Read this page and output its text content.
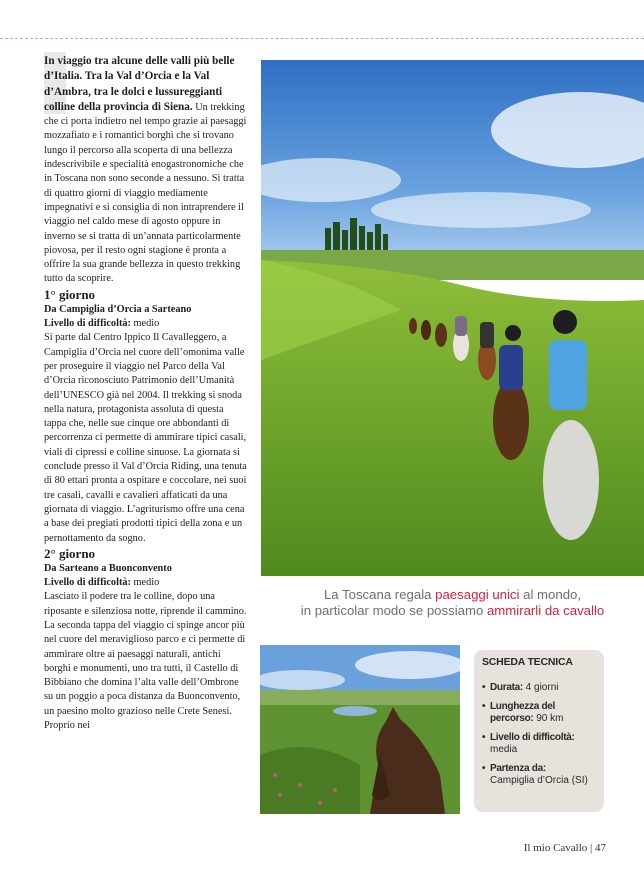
In viaggio tra alcune delle valli più belle d’Italia. Tra la Val d’Orcia e la Val d’Ambra, tra le dolci e lussureggianti colline della provincia di Siena. Un trekking che ci porta indietro nel tempo grazie ai paesaggi mozzafiato e i romantici borghi che si trovano lungo il percorso alla scoperta di una bellezza indescrivibile e specialità enogastronomiche che in Toscana non sono seconde a nessuno. Si tratta di quattro giorni di viaggio mediamente impegnativi e si consiglia di non intraprendere il viaggio nel caldo mese di agosto oppure in inverno se si tratta di un’annata particolarmente piovosa, per il resto ogni stagione è pronta a offrire la sua grande bellezza in questo trekking tutto da scoprire.

1° giorno

Da Campiglia d’Orcia a Sarteano

Livello di difficoltà: medio

Si parte dal Centro Ippico Il Cavalleggero, a Campiglia d’Orcia nel cuore dell’omonima valle per proseguire il viaggio nel Parco della Val d’Orcia riconosciuto Patrimonio dell’Umanità dell’UNESCO già nel 2004. Il trekking si snoda nella natura, protagonista assoluta di questa tappa che, nelle sue cinque ore abbondanti di percorrenza ci permette di ammirare tipici casali, viali di cipressi e colline sinuose. La giornata si conclude presso il Val d’Orcia Riding, una tenuta di 80 ettari pronta a ospitare e coccolare, nei suoi tre casali, cavalli e cavalieri affaticati da una giornata di viaggio. L’agriturismo offre una cena a base dei pregiati prodotti tipici della zona e un pernottamento da sogno.

2° giorno

Da Sarteano a Buonconvento

Livello di difficoltà: medio

Lasciato il podere tra le colline, dopo una riposante e silenziosa notte, riprende il cammino. La seconda tappa del viaggio ci spinge ancor più nel cuore del meraviglioso parco e ci permette di ammirare oltre ai paesaggi naturali, antichi borghi e monumenti, uno tra tutti, il Castello di Bibbiano che domina l’alta valle dell’Ombrone su un poggio a poca distanza da Buonconvento, un paesino molto grazioso nelle Crete Senesi. Proprio nei

La Toscana regala paesaggi unici al mondo,
in particolar modo se possiamo ammirarli da cavallo
SCHEDA TECNICA
• Durata: 4 giorni
• Lunghezza del percorso: 90 km
• Livello di difficoltà:
media
• Partenza da:
Campiglia d’Orcia (SI)
Il mio Cavallo | 47
